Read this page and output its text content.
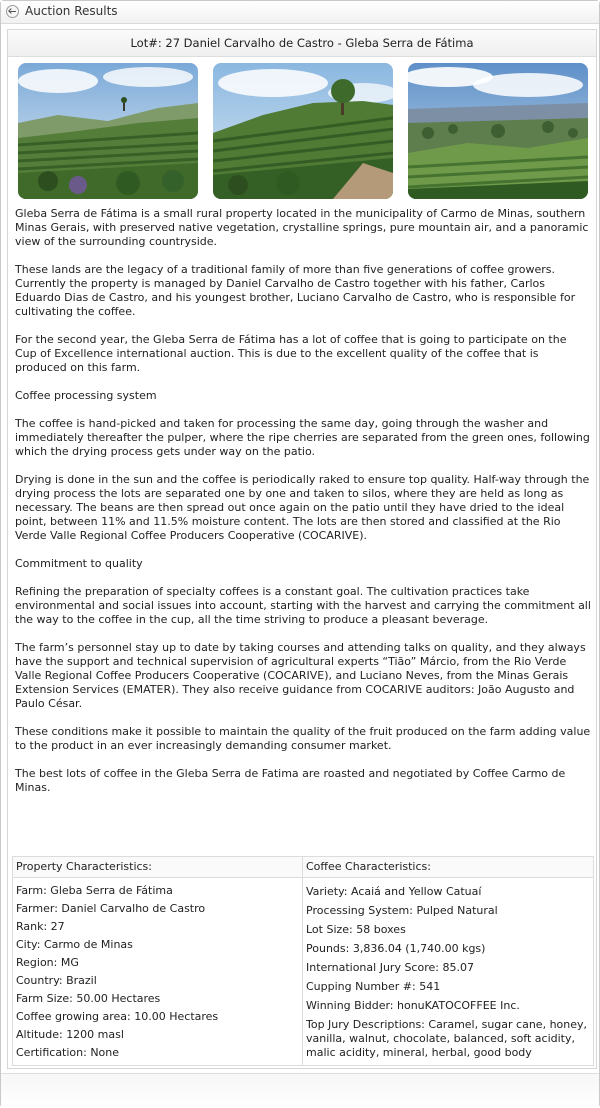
Auction Results
Lot#: 27 Daniel Carvalho de Castro - Gleba Serra de Fátima

Gleba Serra de Fátima is a small rural property located in the municipality of Carmo de Minas, southern Minas Gerais, with preserved native vegetation, crystalline springs, pure mountain air, and a panoramic view of the surrounding countryside.

These lands are the legacy of a traditional family of more than five generations of coffee growers. Currently the property is managed by Daniel Carvalho de Castro together with his father, Carlos Eduardo Dias de Castro, and his youngest brother, Luciano Carvalho de Castro, who is responsible for cultivating the coffee.

For the second year, the Gleba Serra de Fátima has a lot of coffee that is going to participate on the Cup of Excellence international auction. This is due to the excellent quality of the coffee that is produced on this farm.

Coffee processing system

The coffee is hand-picked and taken for processing the same day, going through the washer and immediately thereafter the pulper, where the ripe cherries are separated from the green ones, following which the drying process gets under way on the patio.

Drying is done in the sun and the coffee is periodically raked to ensure top quality. Half-way through the drying process the lots are separated one by one and taken to silos, where they are held as long as necessary. The beans are then spread out once again on the patio until they have dried to the ideal point, between 11% and 11.5% moisture content. The lots are then stored and classified at the Rio Verde Valle Regional Coffee Producers Cooperative (COCARIVE).

Commitment to quality

Refining the preparation of specialty coffees is a constant goal. The cultivation practices take environmental and social issues into account, starting with the harvest and carrying the commitment all the way to the coffee in the cup, all the time striving to produce a pleasant beverage.

The farm’s personnel stay up to date by taking courses and attending talks on quality, and they always have the support and technical supervision of agricultural experts “Tião” Márcio, from the Rio Verde Valle Regional Coffee Producers Cooperative (COCARIVE), and Luciano Neves, from the Minas Gerais Extension Services (EMATER). They also receive guidance from COCARIVE auditors: João Augusto and Paulo César.

These conditions make it possible to maintain the quality of the fruit produced on the farm adding value to the product in an ever increasingly demanding consumer market.

The best lots of coffee in the Gleba Serra de Fatima are roasted and negotiated by Coffee Carmo de Minas.

Property Characteristics:
Farm: Gleba Serra de Fátima
Farmer: Daniel Carvalho de Castro
Rank: 27
City: Carmo de Minas
Region: MG
Country: Brazil
Farm Size: 50.00 Hectares
Coffee growing area: 10.00 Hectares
Altitude: 1200 masl
Certification: None
Coffee Characteristics:
Variety: Acaiá and Yellow Catuaí
Processing System: Pulped Natural
Lot Size: 58 boxes
Pounds: 3,836.04 (1,740.00 kgs)
International Jury Score: 85.07
Cupping Number #: 541
Winning Bidder: honuKATOCOFFEE Inc.
Top Jury Descriptions: Caramel, sugar cane, honey, vanilla, walnut, chocolate, balanced, soft acidity, malic acidity, mineral, herbal, good body
